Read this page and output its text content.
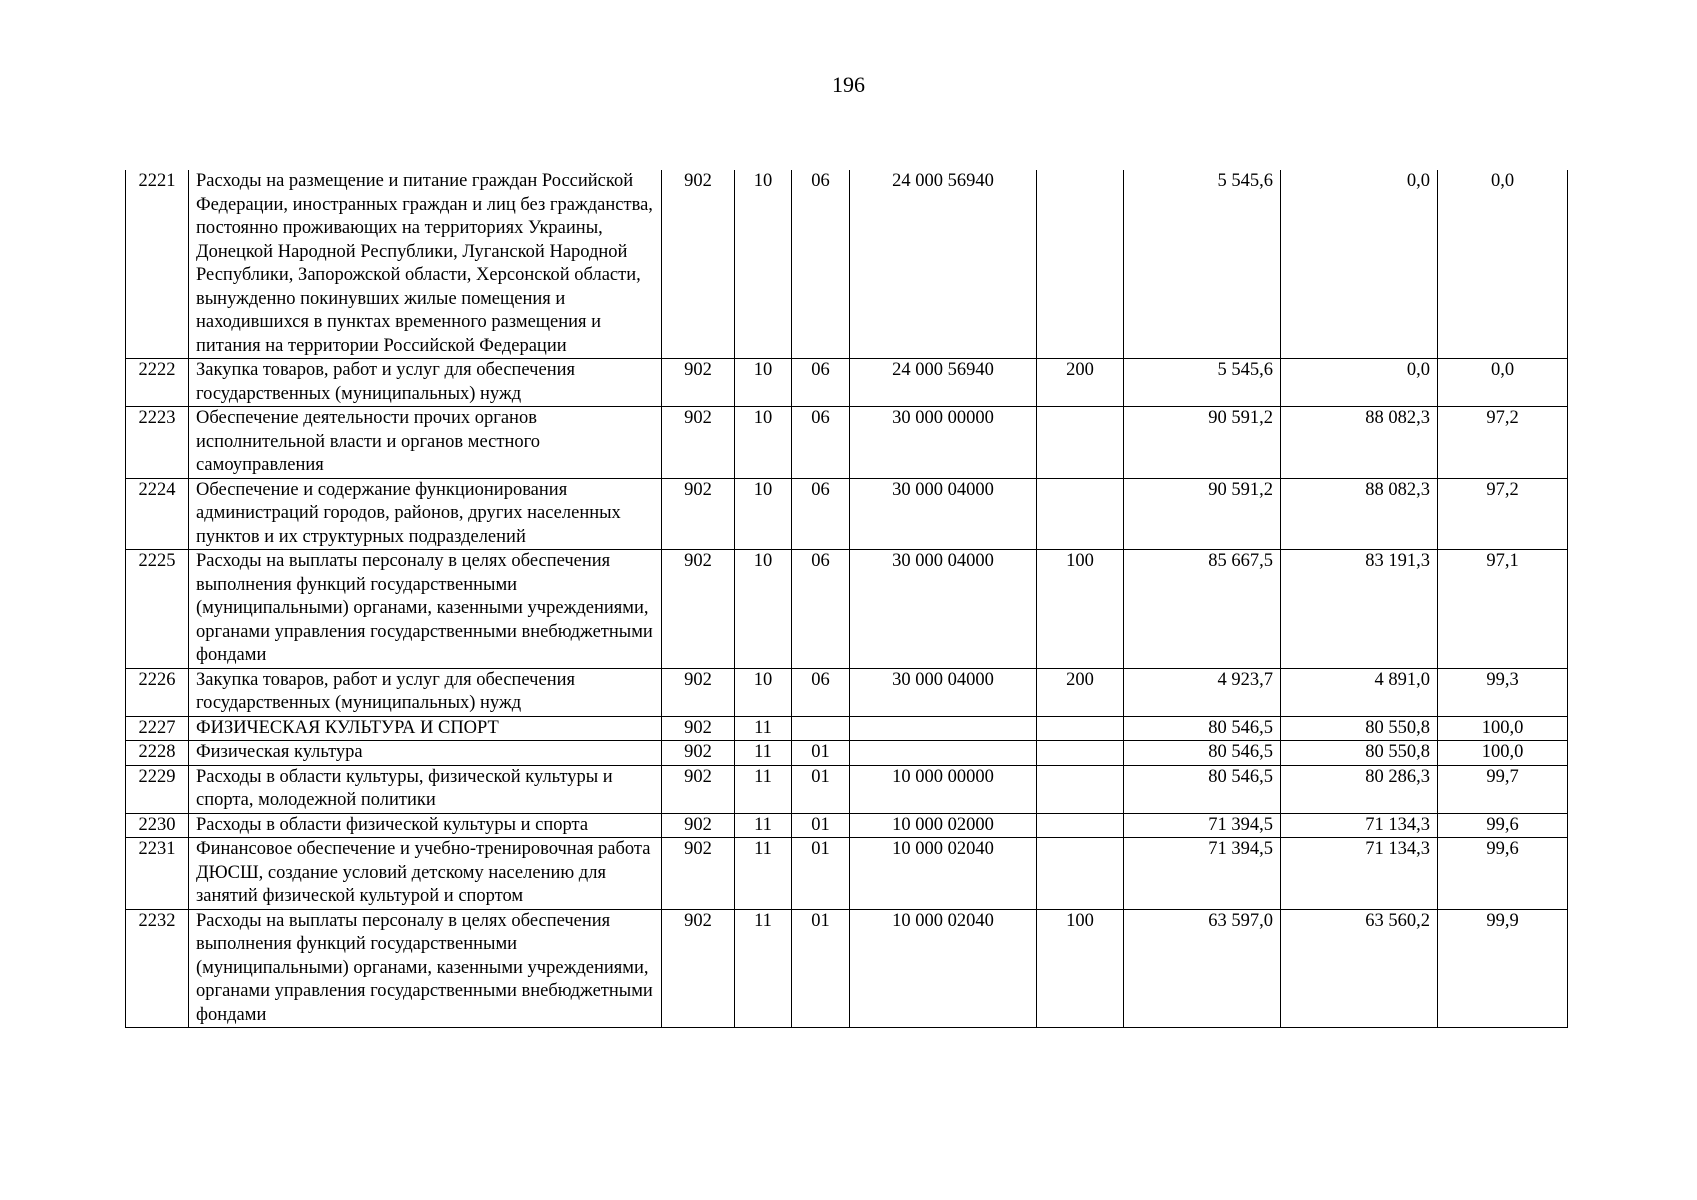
196
2221	Расходы на размещение и питание граждан Российской Федерации, иностранных граждан и лиц без гражданства, постоянно проживающих на территориях Украины, Донецкой Народной Республики, Луганской Народной Республики, Запорожской области, Херсонской области, вынужденно покинувших жилые помещения и находившихся в пунктах временного размещения и питания на территории Российской Федерации	902	10	06	24 000 56940		5 545,6	0,0	0,0
2222	Закупка товаров, работ и услуг для обеспечения государственных (муниципальных) нужд	902	10	06	24 000 56940	200	5 545,6	0,0	0,0
2223	Обеспечение деятельности прочих органов исполнительной власти и органов местного самоуправления	902	10	06	30 000 00000		90 591,2	88 082,3	97,2
2224	Обеспечение и содержание функционирования администраций городов, районов, других населенных пунктов и их структурных подразделений	902	10	06	30 000 04000		90 591,2	88 082,3	97,2
2225	Расходы на выплаты персоналу в целях обеспечения выполнения функций государственными (муниципальными) органами, казенными учреждениями, органами управления государственными внебюджетными фондами	902	10	06	30 000 04000	100	85 667,5	83 191,3	97,1
2226	Закупка товаров, работ и услуг для обеспечения государственных (муниципальных) нужд	902	10	06	30 000 04000	200	4 923,7	4 891,0	99,3
2227	ФИЗИЧЕСКАЯ КУЛЬТУРА И СПОРТ	902	11				80 546,5	80 550,8	100,0
2228	Физическая культура	902	11	01			80 546,5	80 550,8	100,0
2229	Расходы в области культуры, физической культуры и спорта, молодежной политики	902	11	01	10 000 00000		80 546,5	80 286,3	99,7
2230	Расходы в области физической культуры и спорта	902	11	01	10 000 02000		71 394,5	71 134,3	99,6
2231	Финансовое обеспечение и учебно-тренировочная работа ДЮСШ, создание условий детскому населению для занятий физической культурой и спортом	902	11	01	10 000 02040		71 394,5	71 134,3	99,6
2232	Расходы на выплаты персоналу в целях обеспечения выполнения функций государственными (муниципальными) органами, казенными учреждениями, органами управления государственными внебюджетными фондами	902	11	01	10 000 02040	100	63 597,0	63 560,2	99,9
